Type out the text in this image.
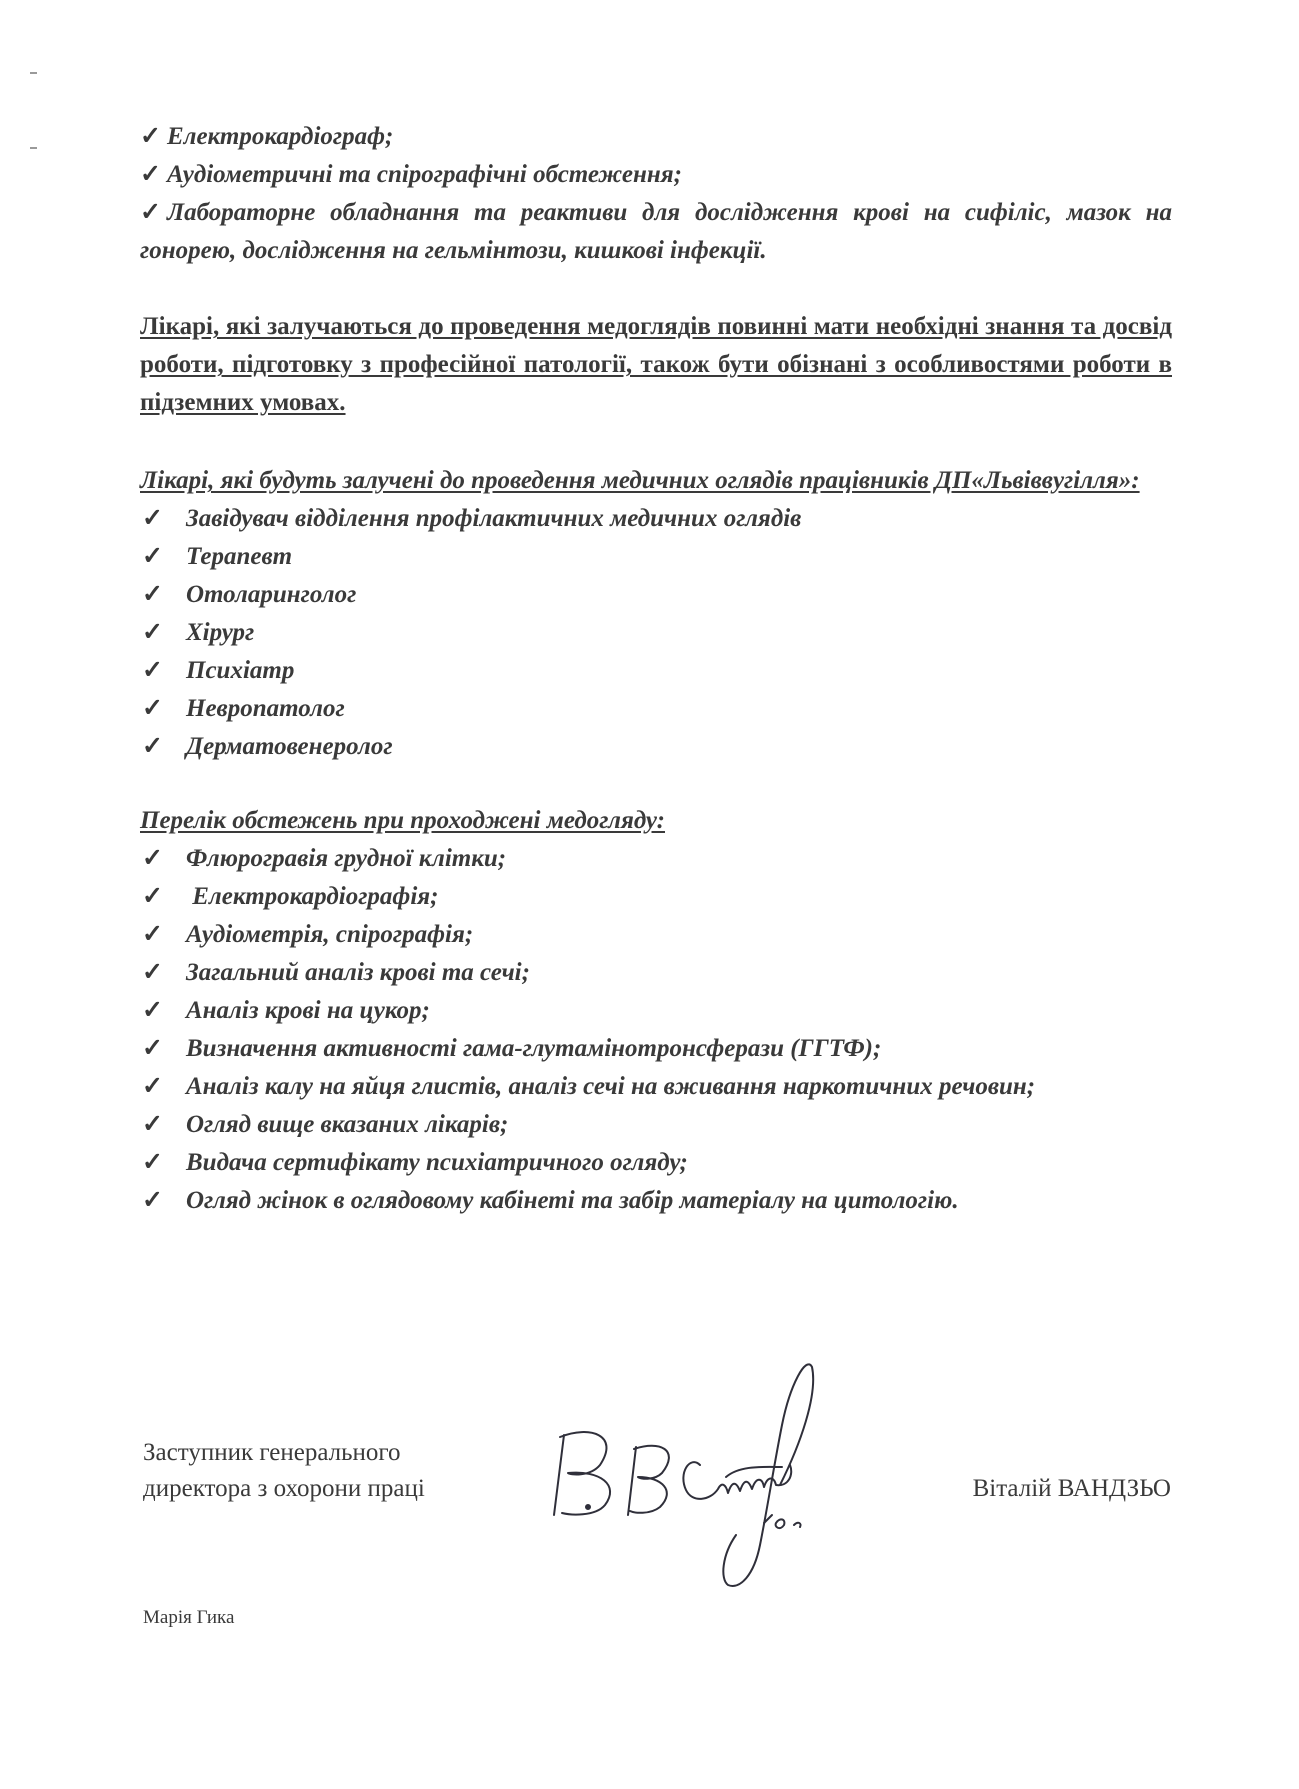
✓ Електрокардіограф;
✓ Аудіометричні та спірографічні обстеження;
✓ Лабораторне обладнання та реактиви для дослідження крові на сифіліс, мазок на гонорею, дослідження на гельмінтози, кишкові інфекції.
Лікарі, які залучаються до проведення медоглядів повинні мати необхідні знання та досвід роботи, підготовку з професійної патології, також бути обізнані з особливостями роботи в підземних умовах.
Лікарі, які будуть залучені до проведення медичних оглядів працівників ДП«Львіввугілля»:
✓ Завідувач відділення профілактичних медичних оглядів
✓ Терапевт
✓ Отоларинголог
✓ Хірург
✓ Психіатр
✓ Невропатолог
✓ Дерматовенеролог
Перелік обстежень при проходжені медогляду:
✓ Флюрогравія грудної клітки;
✓ Електрокардіографія;
✓ Аудіометрія, спірографія;
✓ Загальний аналіз крові та сечі;
✓ Аналіз крові на цукор;
✓ Визначення активності гама-глутамінотронсферази (ГГТФ);
✓ Аналіз калу на яйця глистів, аналіз сечі на вживання наркотичних речовин;
✓ Огляд вище вказаних лікарів;
✓ Видача сертифікату психіатричного огляду;
✓ Огляд жінок в оглядовому кабінеті та забір матеріалу на цитологію.
Заступник генерального
директора з охорони праці	Віталій ВАНДЗЬО
Марія Гика
